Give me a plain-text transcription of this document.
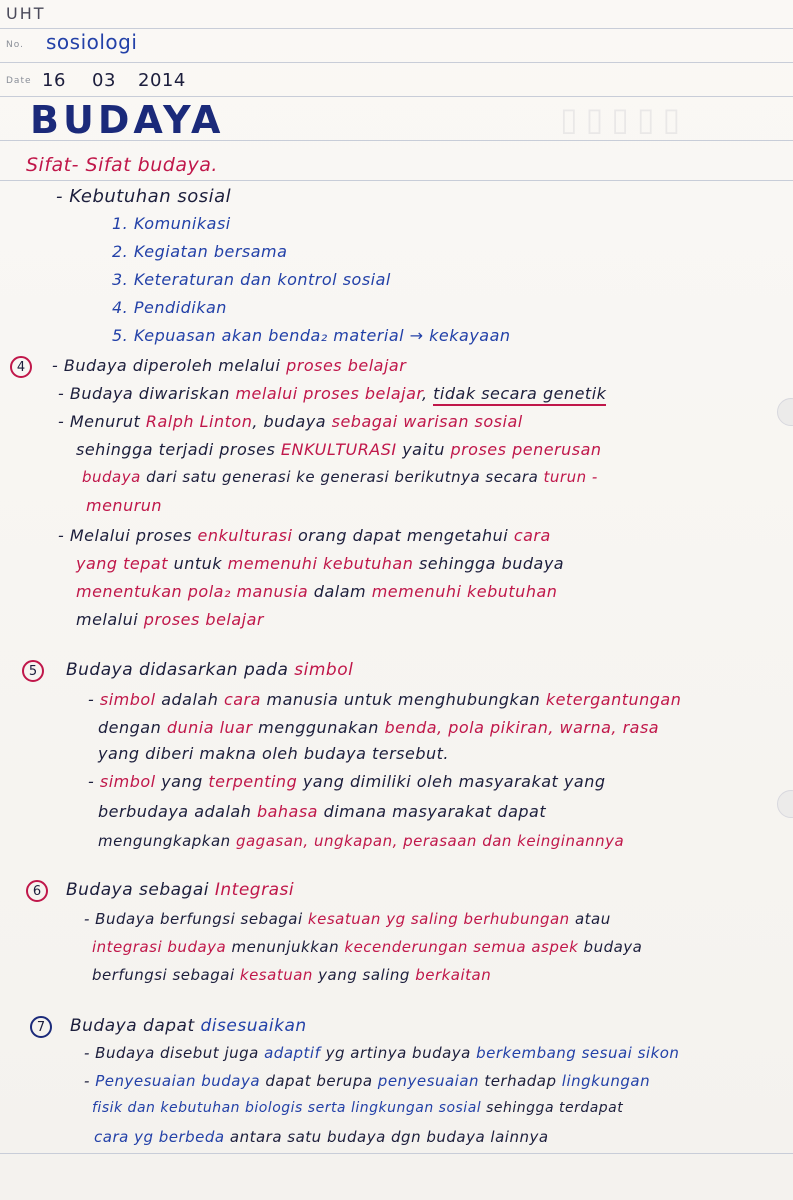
▯▯▯▯▯
UHT
No. sosiologi
Date 16 03 2014
BUDAYA
Sifat- Sifat budaya.
- Kebutuhan sosial
1. Komunikasi
2. Kegiatan bersama
3. Keteraturan dan kontrol sosial
4. Pendidikan
5. Kepuasan akan benda₂ material → kekayaan
4	- Budaya diperoleh melalui proses belajar
- Budaya diwariskan melalui proses belajar, tidak secara genetik
- Menurut Ralph Linton, budaya sebagai warisan sosial
sehingga terjadi proses ENKULTURASI yaitu proses penerusan
budaya dari satu generasi ke generasi berikutnya secara turun -
menurun
- Melalui proses enkulturasi orang dapat mengetahui cara
yang tepat untuk memenuhi kebutuhan sehingga budaya
menentukan pola₂ manusia dalam memenuhi kebutuhan
melalui proses belajar
5	Budaya didasarkan pada simbol
- simbol adalah cara manusia untuk menghubungkan ketergantungan
dengan dunia luar menggunakan benda, pola pikiran, warna, rasa
yang diberi makna oleh budaya tersebut.
- simbol yang terpenting yang dimiliki oleh masyarakat yang
berbudaya adalah bahasa dimana masyarakat dapat
mengungkapkan gagasan, ungkapan, perasaan dan keinginannya
6	Budaya sebagai Integrasi
- Budaya berfungsi sebagai kesatuan yg saling berhubungan atau
integrasi budaya menunjukkan kecenderungan semua aspek budaya
berfungsi sebagai kesatuan yang saling berkaitan
7	Budaya dapat disesuaikan
- Budaya disebut juga adaptif yg artinya budaya berkembang sesuai sikon
- Penyesuaian budaya dapat berupa penyesuaian terhadap lingkungan
fisik dan kebutuhan biologis serta lingkungan sosial sehingga terdapat
cara yg berbeda antara satu budaya dgn budaya lainnya
